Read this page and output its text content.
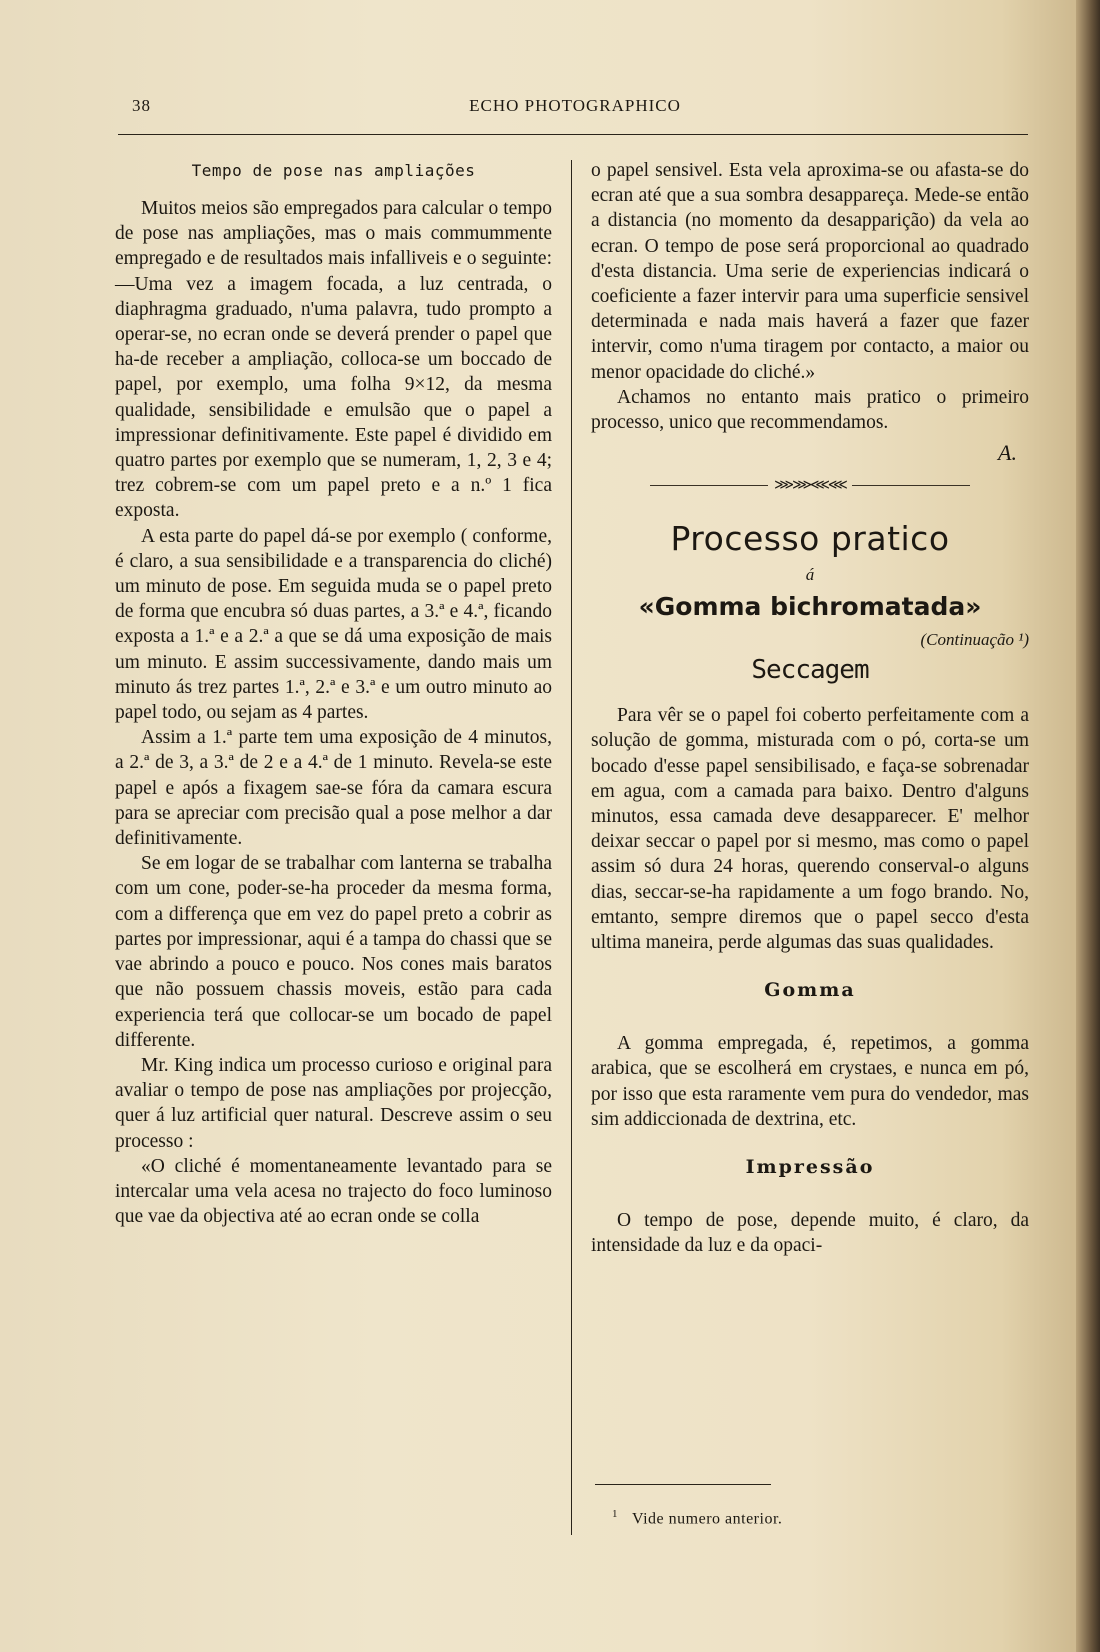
38	ECHO PHOTOGRAPHICO
Tempo de pose nas ampliações

Muitos meios são empregados para calcular o tempo de pose nas ampliações, mas o mais commummente empregado e de resultados mais infalliveis e o seguinte: —Uma vez a imagem focada, a luz centrada, o diaphragma graduado, n'uma palavra, tudo prompto a operar-se, no ecran onde se deverá prender o papel que ha-de receber a ampliação, colloca-se um boccado de papel, por exemplo, uma folha 9×12, da mesma qualidade, sensibilidade e emulsão que o papel a impressionar definitivamente. Este papel é dividido em quatro partes por exemplo que se numeram, 1, 2, 3 e 4; trez cobrem-se com um papel preto e a n.º 1 fica exposta.

A esta parte do papel dá-se por exemplo ( conforme, é claro, a sua sensibilidade e a transparencia do cliché) um minuto de pose. Em seguida muda se o papel preto de forma que encubra só duas partes, a 3.ª e 4.ª, ficando exposta a 1.ª e a 2.ª a que se dá uma exposição de mais um minuto. E assim successivamente, dando mais um minuto ás trez partes 1.ª, 2.ª e 3.ª e um outro minuto ao papel todo, ou sejam as 4 partes.

Assim a 1.ª parte tem uma exposição de 4 minutos, a 2.ª de 3, a 3.ª de 2 e a 4.ª de 1 minuto. Revela-se este papel e após a fixagem sae-se fóra da camara escura para se apreciar com precisão qual a pose melhor a dar definitivamente.

Se em logar de se trabalhar com lanterna se trabalha com um cone, poder-se-ha proceder da mesma forma, com a differença que em vez do papel preto a cobrir as partes por impressionar, aqui é a tampa do chassi que se vae abrindo a pouco e pouco. Nos cones mais baratos que não possuem chassis moveis, estão para cada experiencia terá que collocar-se um bocado de papel differente.

Mr. King indica um processo curioso e original para avaliar o tempo de pose nas ampliações por projecção, quer á luz artificial quer natural. Descreve assim o seu processo :

«O cliché é momentaneamente levantado para se intercalar uma vela acesa no trajecto do foco luminoso que vae da objectiva até ao ecran onde se colla

o papel sensivel. Esta vela aproxima-se ou afasta-se do ecran até que a sua sombra desappareça. Mede-se então a distancia (no momento da desapparição) da vela ao ecran. O tempo de pose será proporcional ao quadrado d'esta distancia. Uma serie de experiencias indicará o coeficiente a fazer intervir para uma superficie sensivel determinada e nada mais haverá a fazer que fazer intervir, como n'uma tiragem por contacto, a maior ou menor opacidade do cliché.»

Achamos no entanto mais pratico o primeiro processo, unico que recommendamos.

A.
⋙⋙⋘⋘
Processo pratico
á
«Gomma bichromatada»
(Continuação ¹)
Seccagem

Para vêr se o papel foi coberto perfeitamente com a solução de gomma, misturada com o pó, corta-se um bocado d'esse papel sensibilisado, e faça-se sobrenadar em agua, com a camada para baixo. Dentro d'alguns minutos, essa camada deve desapparecer. E' melhor deixar seccar o papel por si mesmo, mas como o papel assim só dura 24 horas, querendo conserval-o alguns dias, seccar-se-ha rapidamente a um fogo brando. No, emtanto, sempre diremos que o papel secco d'esta ultima maneira, perde algumas das suas qualidades.

Gomma

A gomma empregada, é, repetimos, a gomma arabica, que se escolherá em crystaes, e nunca em pó, por isso que esta raramente vem pura do vendedor, mas sim addiccionada de dextrina, etc.

Impressão

O tempo de pose, depende muito, é claro, da intensidade da luz e da opaci-

$^1$ Vide numero anterior.
